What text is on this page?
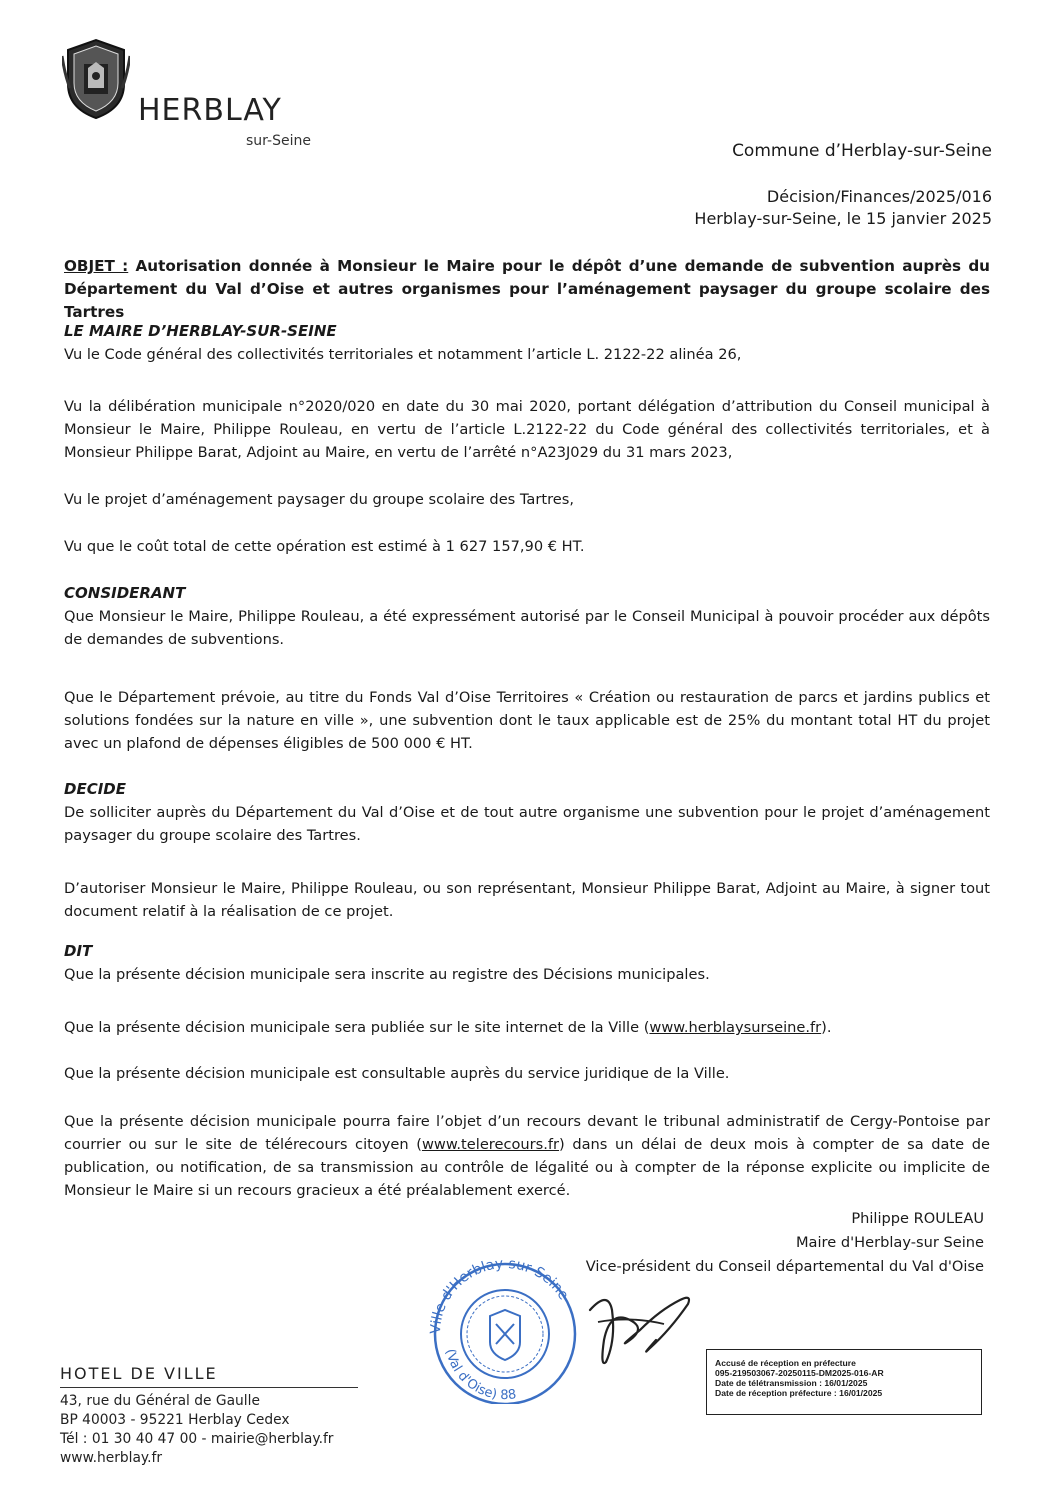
HERBLAY
sur-Seine	Commune d’Herblay-sur-Seine
Décision/Finances/2025/016
Herblay-sur-Seine, le 15 janvier 2025
OBJET : Autorisation donnée à Monsieur le Maire pour le dépôt d’une demande de subvention auprès du Département du Val d’Oise et autres organismes pour l’aménagement paysager du groupe scolaire des Tartres
LE MAIRE D’HERBLAY-SUR-SEINE
Vu le Code général des collectivités territoriales et notamment l’article L. 2122-22 alinéa 26,
Vu la délibération municipale n°2020/020 en date du 30 mai 2020, portant délégation d’attribution du Conseil municipal à Monsieur le Maire, Philippe Rouleau, en vertu de l’article L.2122-22 du Code général des collectivités territoriales, et à Monsieur Philippe Barat, Adjoint au Maire, en vertu de l’arrêté n°A23J029 du 31 mars 2023,
Vu le projet d’aménagement paysager du groupe scolaire des Tartres,
Vu que le coût total de cette opération est estimé à 1 627 157,90 € HT.
CONSIDERANT
Que Monsieur le Maire, Philippe Rouleau, a été expressément autorisé par le Conseil Municipal à pouvoir procéder aux dépôts de demandes de subventions.
Que le Département prévoie, au titre du Fonds Val d’Oise Territoires « Création ou restauration de parcs et jardins publics et solutions fondées sur la nature en ville », une subvention dont le taux applicable est de 25% du montant total HT du projet avec un plafond de dépenses éligibles de 500 000 € HT.
DECIDE
De solliciter auprès du Département du Val d’Oise et de tout autre organisme une subvention pour le projet d’aménagement paysager du groupe scolaire des Tartres.
D’autoriser Monsieur le Maire, Philippe Rouleau, ou son représentant, Monsieur Philippe Barat, Adjoint au Maire, à signer tout document relatif à la réalisation de ce projet.
DIT
Que la présente décision municipale sera inscrite au registre des Décisions municipales.
Que la présente décision municipale sera publiée sur le site internet de la Ville (www.herblaysurseine.fr).
Que la présente décision municipale est consultable auprès du service juridique de la Ville.
Que la présente décision municipale pourra faire l’objet d’un recours devant le tribunal administratif de Cergy-Pontoise par courrier ou sur le site de télérecours citoyen (www.telerecours.fr) dans un délai de deux mois à compter de sa date de publication, ou notification, de sa transmission au contrôle de légalité ou à compter de la réponse explicite ou implicite de Monsieur le Maire si un recours gracieux a été préalablement exercé.
Philippe ROULEAU
Maire d'Herblay-sur Seine
Vice-président du Conseil départemental du Val d'Oise
Ville d'Herblay-sur-Seine
(Val d'Oise) 88
Accusé de réception en préfecture
095-219503067-20250115-DM2025-016-AR
Date de télétransmission : 16/01/2025
Date de réception préfecture : 16/01/2025
HOTEL DE VILLE
43, rue du Général de Gaulle
BP 40003 - 95221 Herblay Cedex
Tél : 01 30 40 47 00 - mairie@herblay.fr
www.herblay.fr
